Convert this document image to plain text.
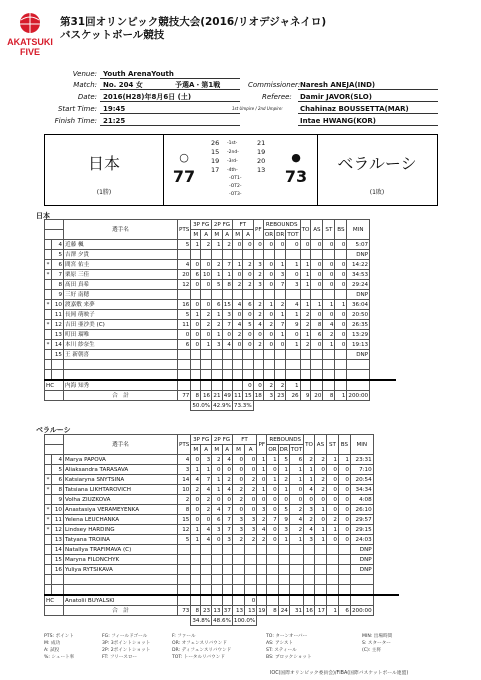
AKATSUKI
FIVE
第31回オリンピック競技大会(2016/リオデジャネイロ)
バスケットボール競技
Venue: Youth ArenaYouth
Match: No. 204 女	予選A・第1戦	Commissioner: Naresh ANEJA(IND)
Date: 2016(H28)年8月6日 (土)	Referee: Damir JAVOR(SLO)
Start Time: 19:45	1st Umpire / 2nd Umpire: Chahinaz BOUSSETTA(MAR)
Finish Time: 21:25	Intae HWANG(KOR)
日本
(1勝)
○
77
●
73
ベラルーシ
(1敗)
26 -1st-	21
15 -2nd-	19
19 -3rd-	20
17 -4th-	13
-OT1-
-OT2-
-OT3-
日本
		選手名	PTS	3P FG		2P FG		FT		PF	REBOUNDS			TO	AS	ST	BS	MIN
				M	A	M	A	M	A		OR	DR	TOT					
	4	近藤 楓	5	1	2	1	2	0	0	0	0	0	0	0	0	0	0	5:07
	5	吉澤 夕貴																DNP
*	6	間宮 佑圭	4	0	0	2	7	1	2	3	0	1	1	1	0	0	0	14:22
*	7	栗原 三佳	20	6	10	1	1	0	0	2	0	3	0	1	0	0	0	34:53
	8	髙田 真希	12	0	0	5	8	2	2	3	0	7	3	1	0	0	0	29:24
	9	三好 南穂																DNP
*	10	渡嘉敷 来夢	16	0	0	6	15	4	6	2	1	2	4	1	1	1	1	36:04
	11	長岡 萌映子	5	1	2	1	3	0	0	2	0	1	1	2	0	0	0	20:50
*	12	吉田 亜沙美 (C)	11	0	2	2	7	4	5	4	2	7	9	2	8	4	0	26:35
	13	町田 瑠唯	0	0	0	1	0	2	0	0	0	1	0	1	6	2	0	13:29
*	14	本川 紗奈生	6	0	1	3	4	0	0	2	0	0	1	2	0	1	0	19:13
	15	王 新朝喜																DNP

HC		内海 知秀							0	0	2	2	1					
		合　計	77	8	16	21	49	11	15	18	3	23	26	9	20	8	1	200:00
				50.0%		42.9%		73.3%										
ベラルーシ
		選手名	PTS	3P FG		2P FG		FT		PF	REBOUNDS			TO	AS	ST	BS	MIN
				M	A	M	A	M	A		OR	DR	TOT					
	4	Marya PAPOVA	4	0	3	2	4	0	0	1	1	5	6	2	2	1	1	23:31
	5	Aliaksandra TARASAVA	3	1	1	0	0	0	0	1	0	1	1	1	0	0	0	7:10
*	6	Katsiaryna SNYTSINA	14	4	7	1	2	0	2	0	1	2	1	1	2	0	0	20:54
*	8	Tatsiana LIKHTAROVICH	10	2	4	1	4	2	2	1	0	1	0	4	2	0	0	34:34
	9	Volha ZIUZKOVA	2	0	2	0	0	2	0	0	0	0	0	0	0	0	0	4:08
*	10	Anastasiya VERAMEYENKA	8	0	2	4	7	0	0	3	0	5	2	3	1	0	0	26:10
*	11	Yelena LEUCHANKA	15	0	0	6	7	3	3	2	7	9	4	2	0	2	0	29:57
*	12	Lindsey HARDING	12	1	4	3	7	3	3	4	0	3	2	4	1	1	0	29:15
	13	Tatyana TROINA	5	1	4	0	3	2	2	2	0	1	1	3	1	0	0	24:03
	14	Natallya TRAFIMAVA (C)																DNP
	15	Maryna FILONCHYK																DNP
	16	Yuliya RYTSIKAVA																DNP

HC		Anatolii BUYALSKI							0									
		合　計	73	8	23	13	37	13	13	19	8	24	31	16	17	1	6	200:00
				34.8%		48.6%		100.0%										
PTS: ポイント	FG: フィールドゴール	F: ファール	TO: ターンオーバー	MIN: 出場時間
M: 成功	3P: 3ポイントショット	OR: オフェンスリバウンド	AS: アシスト	S: スターター
A: 試投	2P: 2ポイントショット	DR: ディフェンスリバウンド	ST: スティール	(C): 主将
%: シュート率	FT: フリースロー	TOT: トータルリバウンド	BS: ブロックショット
IOC(国際オリンピック委員会)/FIBA(国際バスケットボール連盟)
